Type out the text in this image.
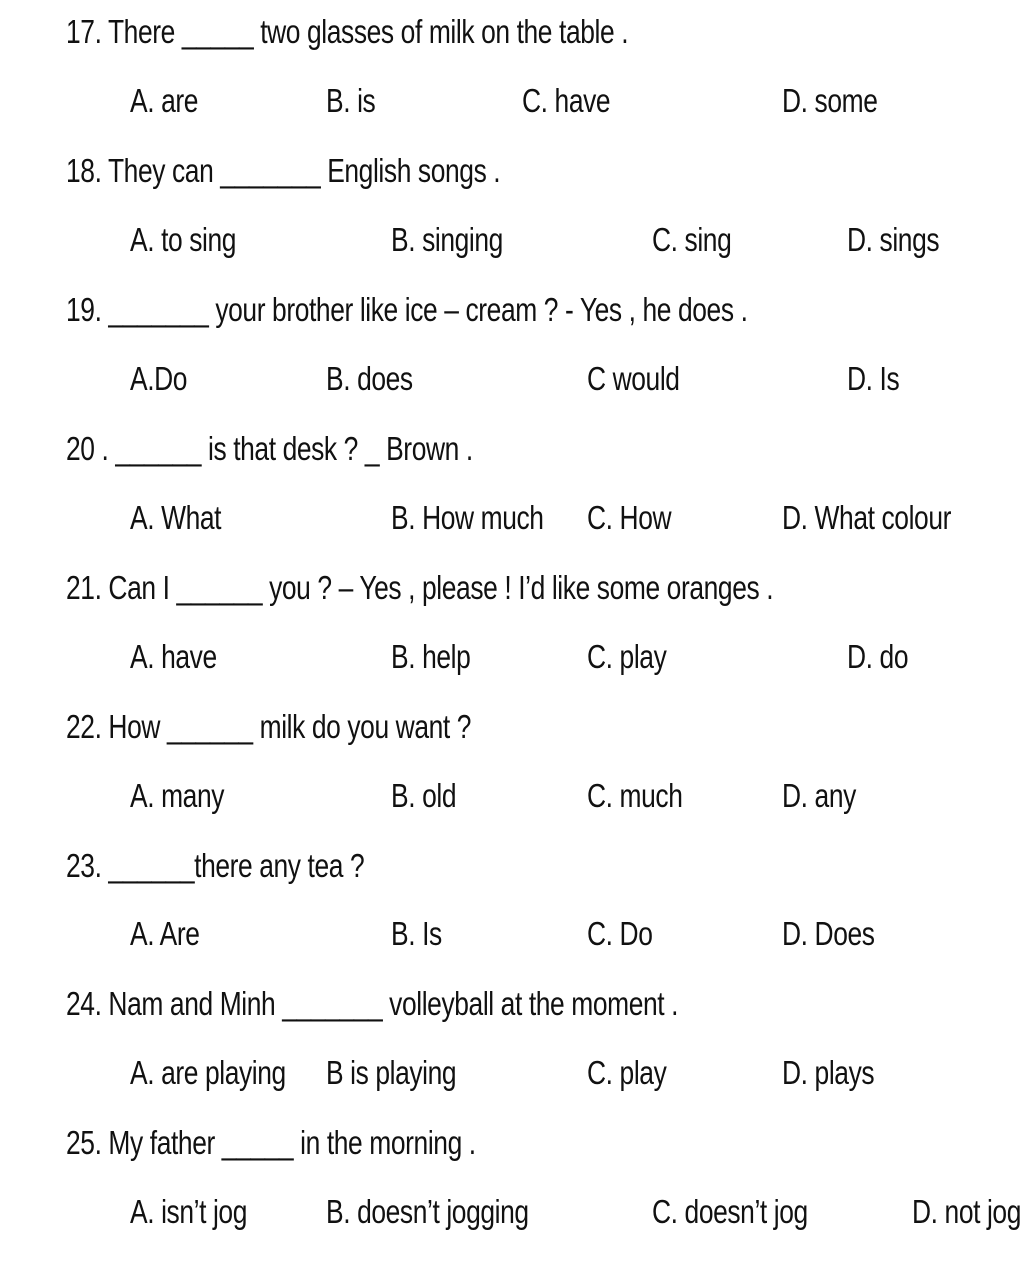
17. There _____ two glasses of milk on the table .
A. are	B. is	C. have	D. some
18. They can _______ English songs .
A. to sing	B. singing	C. sing	D. sings
19. _______ your brother like ice – cream ? - Yes , he does .
A.Do	B. does	C would	D. Is
20 . ______ is that desk ? _ Brown .
A. What	B. How much C. How	D. What colour
21. Can I ______ you ? – Yes , please ! I’d like some oranges .
A. have	B. help	C. play	D. do
22. How ______ milk do you want ?
A. many	B. old	C. much	D. any
23. ______there any tea ?
A. Are	B. Is	C. Do	D. Does
24. Nam and Minh _______ volleyball at the moment .
A. are playing B is playing	C. play	D. plays
25. My father _____ in the morning .
A. isn’t jog B. doesn’t jogging	C. doesn’t jog	D. not jog
